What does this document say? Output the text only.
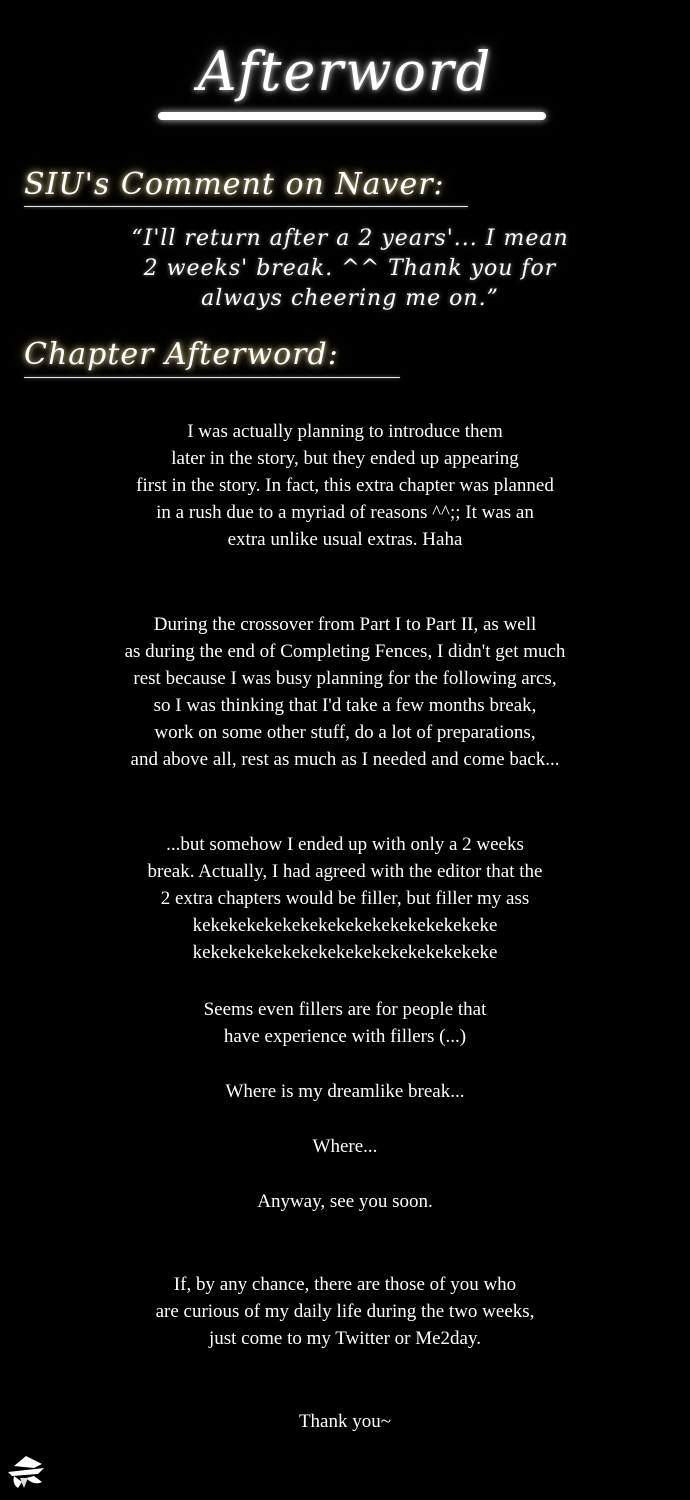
Afterword
SIU's Comment on Naver:
“I'll return after a 2 years'... I mean
2 weeks' break. ^^ Thank you for
always cheering me on.”
Chapter Afterword:
I was actually planning to introduce them
later in the story, but they ended up appearing
first in the story. In fact, this extra chapter was planned
in a rush due to a myriad of reasons ^^;; It was an
extra unlike usual extras. Haha
During the crossover from Part I to Part II, as well
as during the end of Completing Fences, I didn't get much
rest because I was busy planning for the following arcs,
so I was thinking that I'd take a few months break,
work on some other stuff, do a lot of preparations,
and above all, rest as much as I needed and come back...
...but somehow I ended up with only a 2 weeks
break. Actually, I had agreed with the editor that the
2 extra chapters would be filler, but filler my ass
kekekekekekekekekekekekekekekekeke
kekekekekekekekekekekekekekekekeke
Seems even fillers are for people that
have experience with fillers (...)
Where is my dreamlike break...
Where...
Anyway, see you soon.
If, by any chance, there are those of you who
are curious of my daily life during the two weeks,
just come to my Twitter or Me2day.
Thank you~
